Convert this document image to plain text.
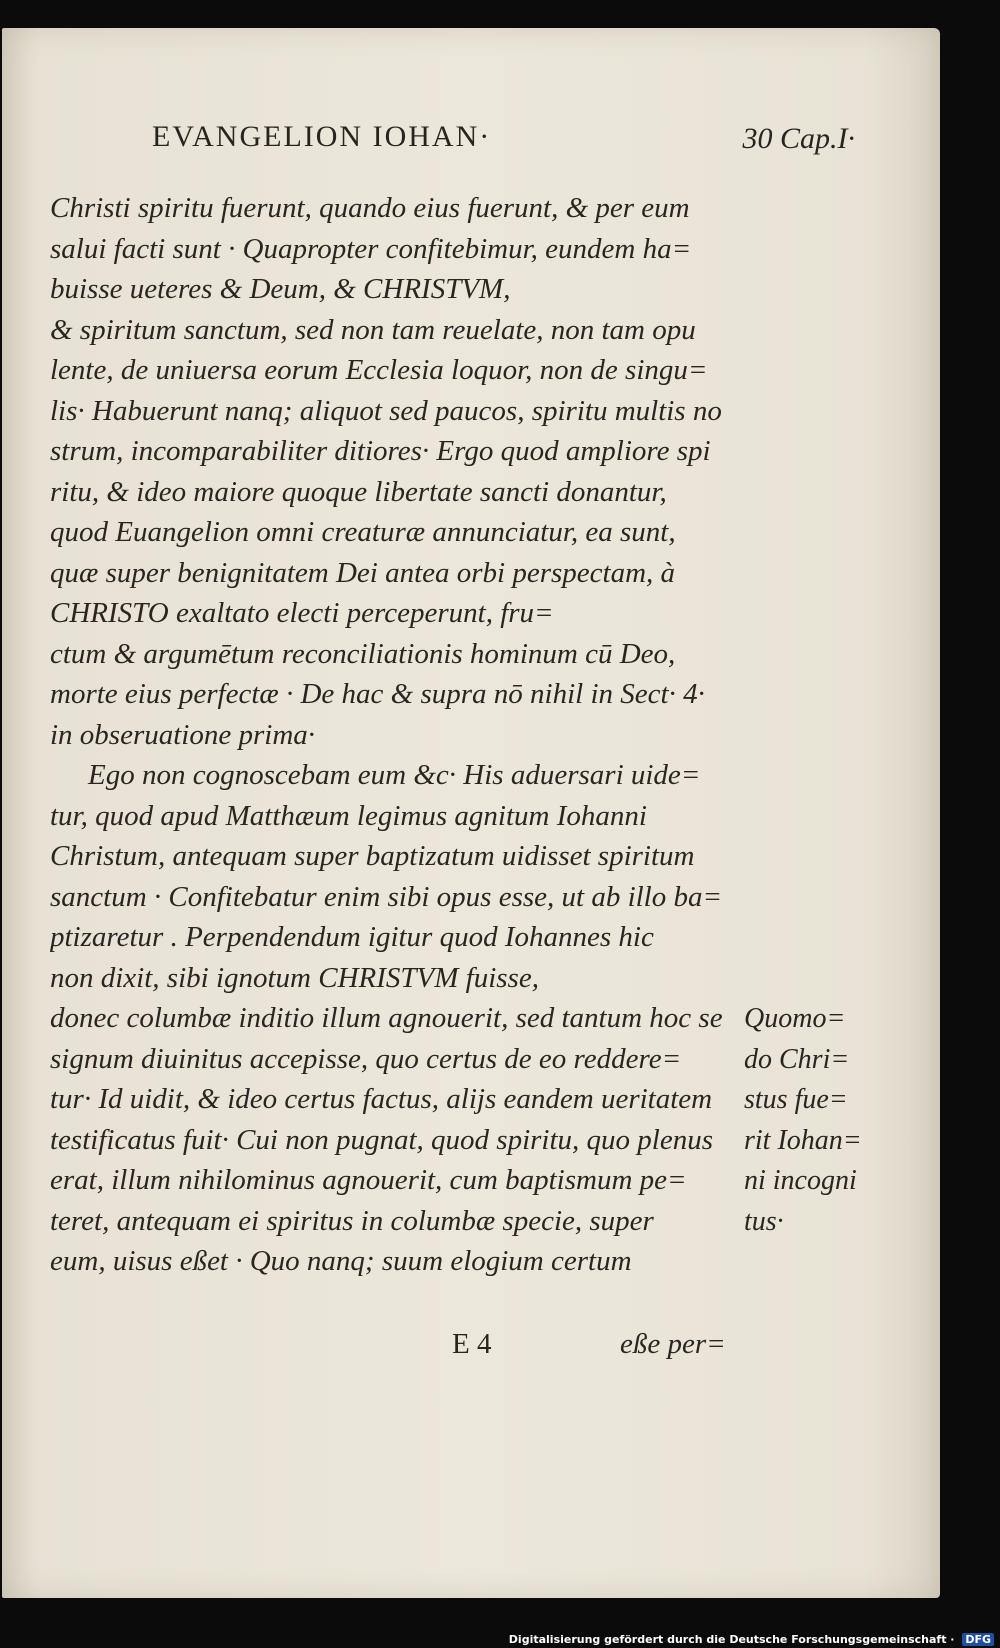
EVANGELION IOHAN·	30 Cap.I·
Christi spiritu fuerunt, quando eius fuerunt, & per eum
salui facti sunt · Quapropter confitebimur, eundem ha=
buisse ueteres & Deum, & CHRISTVM,
& spiritum sanctum, sed non tam reuelate, non tam opu
lente, de uniuersa eorum Ecclesia loquor, non de singu=
lis· Habuerunt nanq; aliquot sed paucos, spiritu multis no
strum, incomparabiliter ditiores· Ergo quod ampliore spi
ritu, & ideo maiore quoque libertate sancti donantur,
quod Euangelion omni creaturæ annunciatur, ea sunt,
quæ super benignitatem Dei antea orbi perspectam, à
CHRISTO exaltato electi perceperunt, fru=
ctum & argumētum reconciliationis hominum cū Deo,
morte eius perfectæ · De hac & supra nō nihil in Sect· 4·
in obseruatione prima·
Ego non cognoscebam eum &c· His aduersari uide=
tur, quod apud Matthæum legimus agnitum Iohanni
Christum, antequam super baptizatum uidisset spiritum
sanctum · Confitebatur enim sibi opus esse, ut ab illo ba=
ptizaretur . Perpendendum igitur quod Iohannes hic
non dixit, sibi ignotum CHRISTVM fuisse,
donec columbæ inditio illum agnouerit, sed tantum hoc se
signum diuinitus accepisse, quo certus de eo reddere=
tur· Id uidit, & ideo certus factus, alijs eandem ueritatem
testificatus fuit· Cui non pugnat, quod spiritu, quo plenus
erat, illum nihilominus agnouerit, cum baptismum pe=
teret, antequam ei spiritus in columbæ specie, super
eum, uisus eßet · Quo nanq; suum elogium certum
Quomo=
do Chri=
stus fue=
rit Iohan=
ni incogni
tus·
E 4	eße per=
Digitalisierung gefördert durch die Deutsche Forschungsgemeinschaft · DFG
